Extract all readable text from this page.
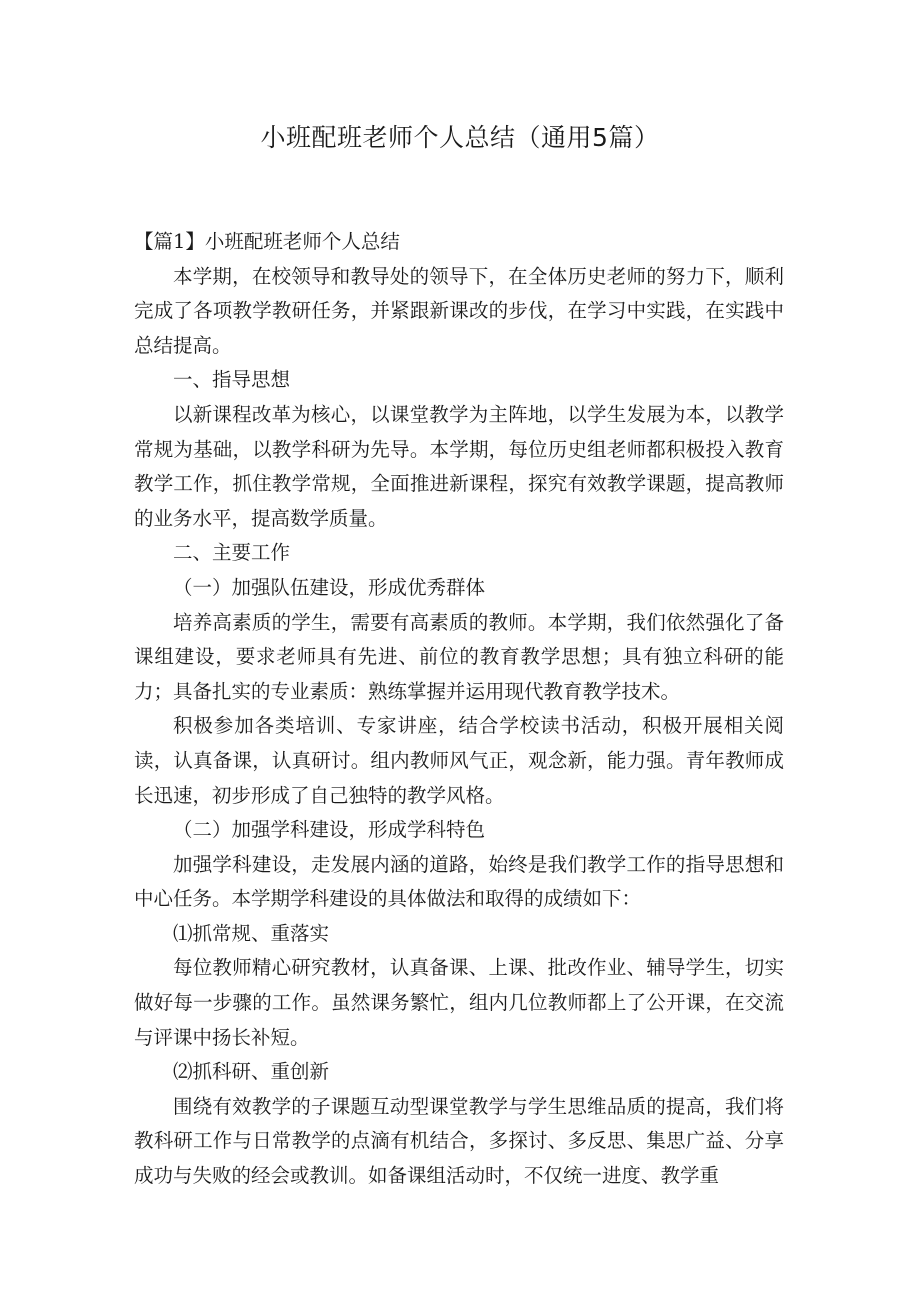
小班配班老师个人总结（通用5篇）

【篇1】小班配班老师个人总结

本学期，在校领导和教导处的领导下，在全体历史老师的努力下，顺利完成了各项教学教研任务，并紧跟新课改的步伐，在学习中实践，在实践中总结提高。

一、指导思想

以新课程改革为核心，以课堂教学为主阵地，以学生发展为本，以教学常规为基础，以教学科研为先导。本学期，每位历史组老师都积极投入教育教学工作，抓住教学常规，全面推进新课程，探究有效教学课题，提高教师的业务水平，提高数学质量。

二、主要工作

（一）加强队伍建设，形成优秀群体

培养高素质的学生，需要有高素质的教师。本学期，我们依然强化了备课组建设，要求老师具有先进、前位的教育教学思想；具有独立科研的能力；具备扎实的专业素质：熟练掌握并运用现代教育教学技术。

积极参加各类培训、专家讲座，结合学校读书活动，积极开展相关阅读，认真备课，认真研讨。组内教师风气正，观念新，能力强。青年教师成长迅速，初步形成了自己独特的教学风格。

（二）加强学科建设，形成学科特色

加强学科建设，走发展内涵的道路，始终是我们教学工作的指导思想和中心任务。本学期学科建设的具体做法和取得的成绩如下：

⑴抓常规、重落实

每位教师精心研究教材，认真备课、上课、批改作业、辅导学生，切实做好每一步骤的工作。虽然课务繁忙，组内几位教师都上了公开课，在交流与评课中扬长补短。

⑵抓科研、重创新

围绕有效教学的子课题互动型课堂教学与学生思维品质的提高，我们将教科研工作与日常教学的点滴有机结合，多探讨、多反思、集思广益、分享成功与失败的经会或教训。如备课组活动时，不仅统一进度、教学重
